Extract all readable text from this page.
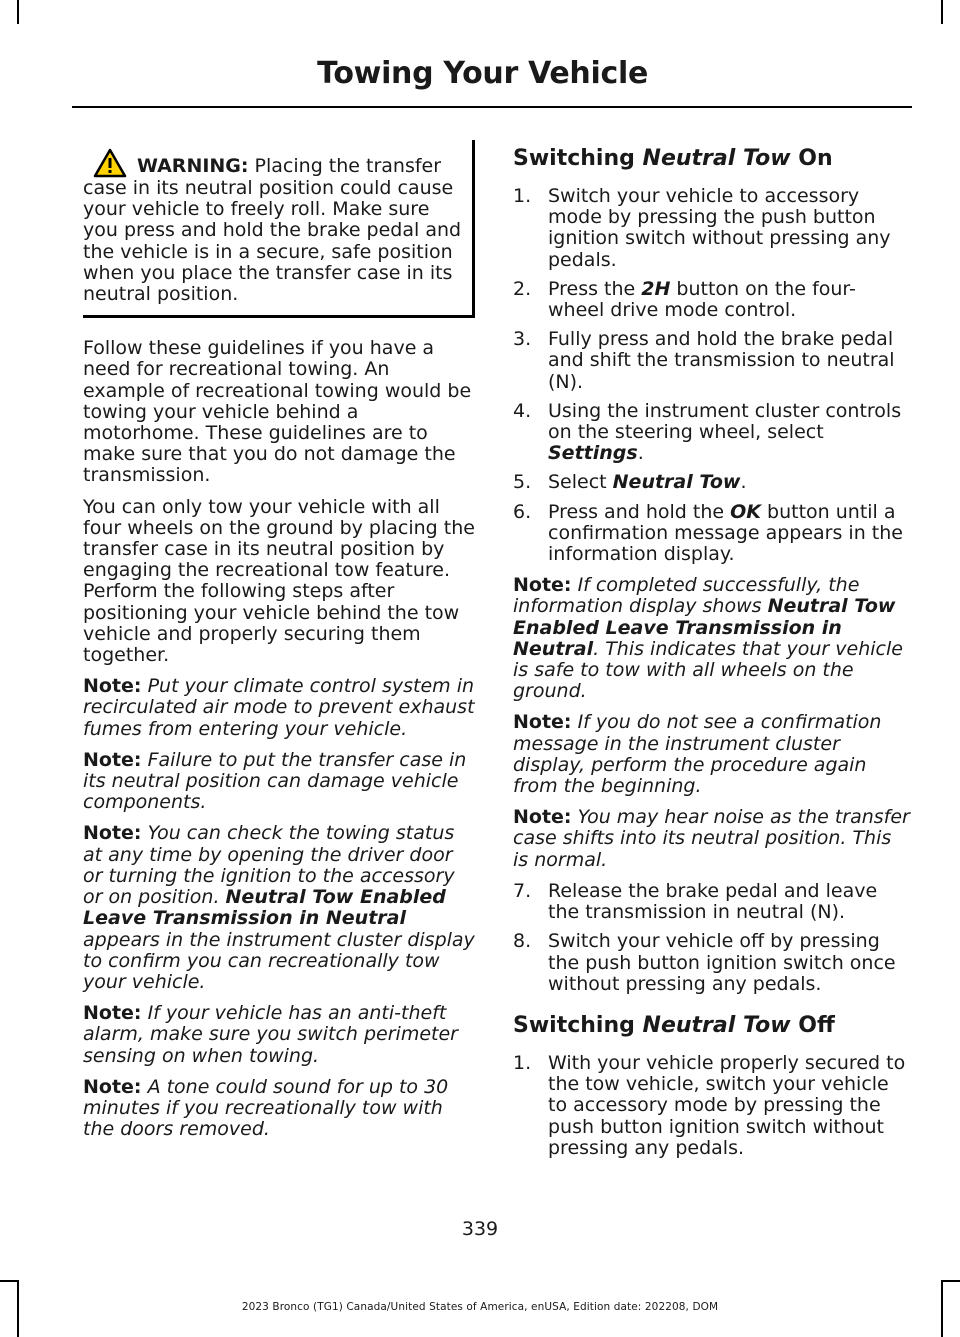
Towing Your Vehicle
WARNING: Placing the transfer case in its neutral position could cause your vehicle to freely roll. Make sure you press and hold the brake pedal and the vehicle is in a secure, safe position when you place the transfer case in its neutral position.

Follow these guidelines if you have a need for recreational towing. An example of recreational towing would be towing your vehicle behind a motorhome. These guidelines are to make sure that you do not damage the transmission.

You can only tow your vehicle with all four wheels on the ground by placing the transfer case in its neutral position by engaging the recreational tow feature. Perform the following steps after positioning your vehicle behind the tow vehicle and properly securing them together.

Note: Put your climate control system in recirculated air mode to prevent exhaust fumes from entering your vehicle.

Note: Failure to put the transfer case in its neutral position can damage vehicle components.

Note: You can check the towing status at any time by opening the driver door or turning the ignition to the accessory or on position. Neutral Tow Enabled Leave Transmission in Neutral appears in the instrument cluster display to confirm you can recreationally tow your vehicle.

Note: If your vehicle has an anti-theft alarm, make sure you switch perimeter sensing on when towing.

Note: A tone could sound for up to 30 minutes if you recreationally tow with the doors removed.

Switching Neutral Tow On
1. Switch your vehicle to accessory mode by pressing the push button ignition switch without pressing any pedals.
2. Press the 2H button on the four-wheel drive mode control.
3. Fully press and hold the brake pedal and shift the transmission to neutral (N).
4. Using the instrument cluster controls on the steering wheel, select Settings.
5. Select Neutral Tow.
6. Press and hold the OK button until a confirmation message appears in the information display.

Note: If completed successfully, the information display shows Neutral Tow Enabled Leave Transmission in Neutral. This indicates that your vehicle is safe to tow with all wheels on the ground.

Note: If you do not see a confirmation message in the instrument cluster display, perform the procedure again from the beginning.

Note: You may hear noise as the transfer case shifts into its neutral position. This is normal.

7. Release the brake pedal and leave the transmission in neutral (N).
8. Switch your vehicle off by pressing the push button ignition switch once without pressing any pedals.
Switching Neutral Tow Off
1. With your vehicle properly secured to the tow vehicle, switch your vehicle to accessory mode by pressing the push button ignition switch without pressing any pedals.
339
2023 Bronco (TG1) Canada/United States of America, enUSA, Edition date: 202208, DOM
